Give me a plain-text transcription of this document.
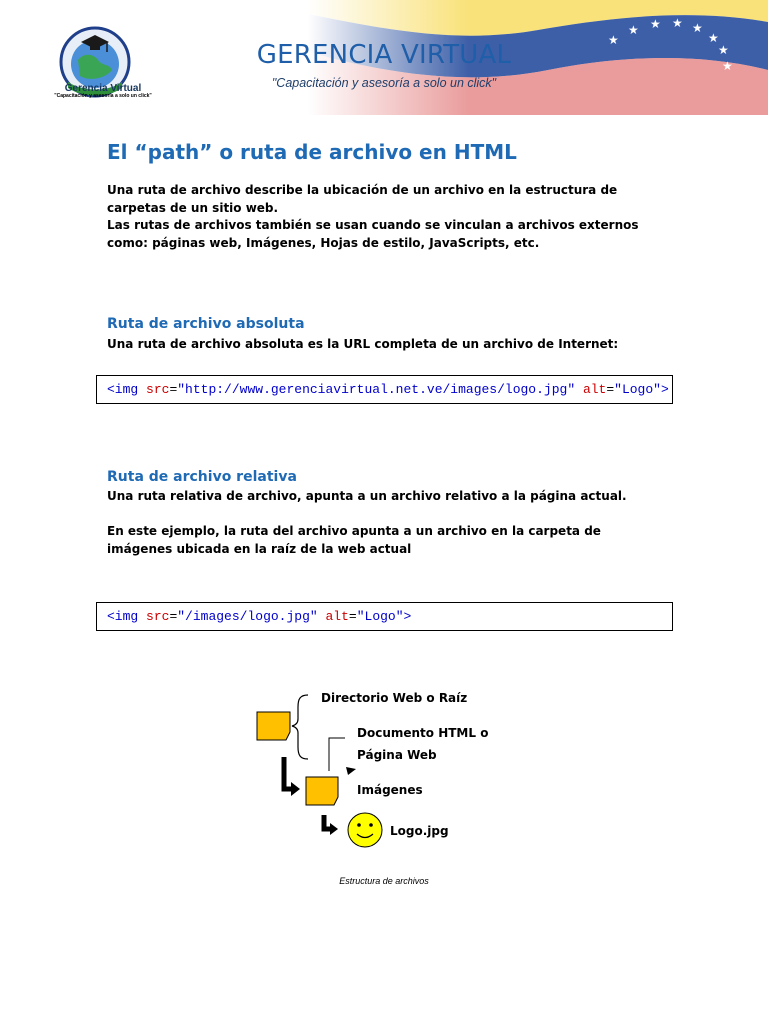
Gerencia Virtual
"Capacitación y asesoría a solo un click"
GERENCIA VIRTUAL
"Capacitación y asesoría a solo un click"
El “path” o ruta de archivo en HTML

Una ruta de archivo describe la ubicación de un archivo en la estructura de carpetas de un sitio web.

Las rutas de archivos también se usan cuando se vinculan a archivos externos como: páginas web, Imágenes, Hojas de estilo, JavaScripts, etc.

Ruta de archivo absoluta

Una ruta de archivo absoluta es la URL completa de un archivo de Internet:

<img src="http://www.gerenciavirtual.net.ve/images/logo.jpg" alt="Logo">
Ruta de archivo relativa

Una ruta relativa de archivo, apunta a un archivo relativo a la página actual.

En este ejemplo, la ruta del archivo apunta a un archivo en la carpeta de imágenes ubicada en la raíz de la web actual

<img src="/images/logo.jpg" alt="Logo">
Directorio Web o Raíz
Documento HTML o
Página Web
Imágenes
Logo.jpg
Estructura de archivos
